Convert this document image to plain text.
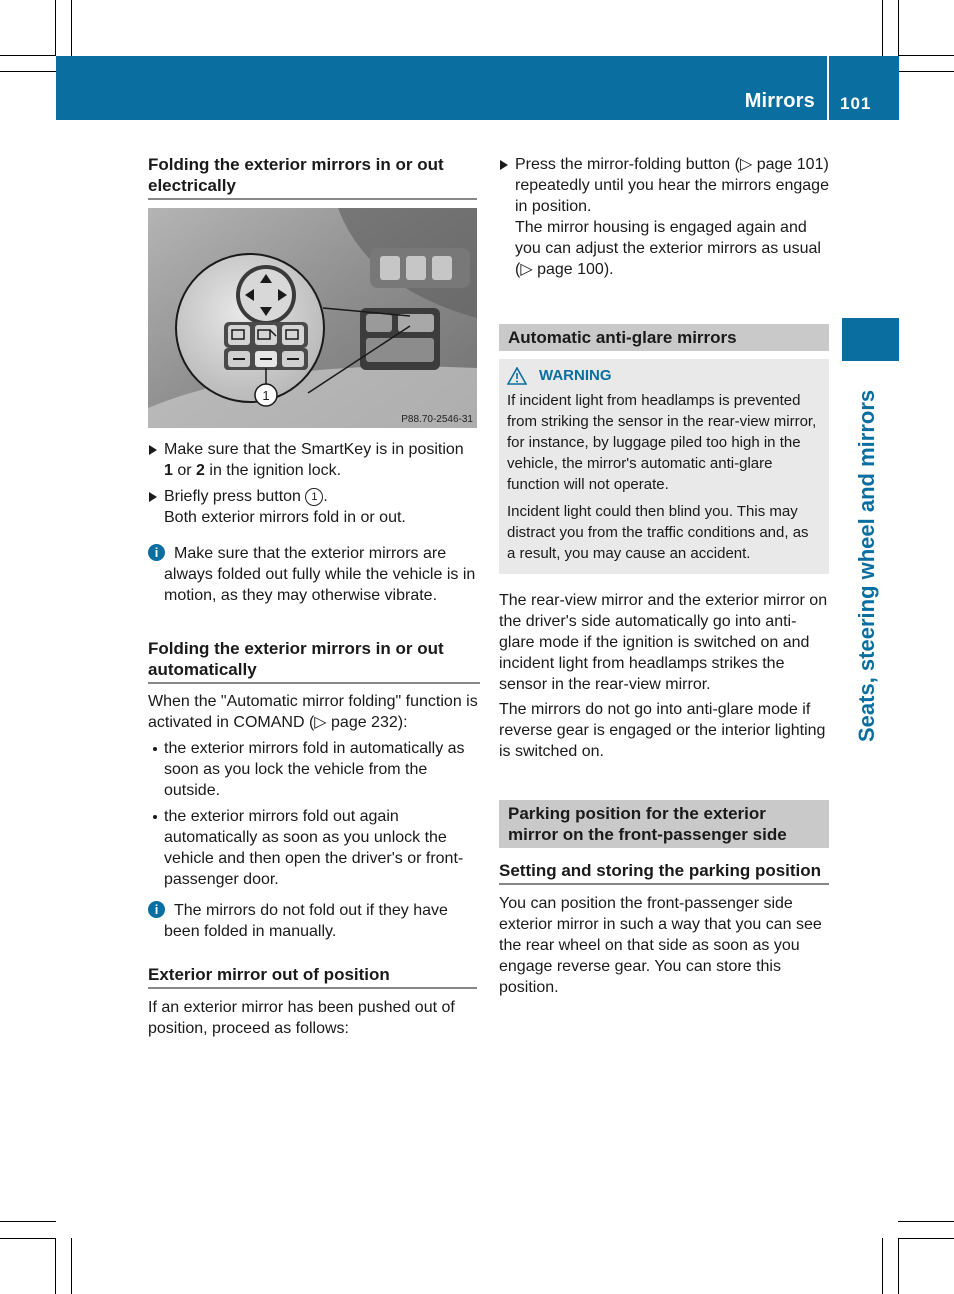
Mirrors 101
Seats, steering wheel and mirrors
Folding the exterior mirrors in or out electrically
1
P88.70-2546-31

Make sure that the SmartKey is in position
1 or 2 in the ignition lock.

Briefly press button 1 .
Both exterior mirrors fold in or out.

i Make sure that the exterior mirrors are always folded out fully while the vehicle is in motion, as they may otherwise vibrate.

Folding the exterior mirrors in or out automatically

When the "Automatic mirror folding" function is activated in COMAND (▷ page 232):

the exterior mirrors fold in automatically as soon as you lock the vehicle from the outside.

the exterior mirrors fold out again automatically as soon as you unlock the vehicle and then open the driver's or front-passenger door.

i The mirrors do not fold out if they have been folded in manually.

Exterior mirror out of position

If an exterior mirror has been pushed out of position, proceed as follows:

Press the mirror-folding button (▷ page 101) repeatedly until you hear the mirrors engage in position.
The mirror housing is engaged again and you can adjust the exterior mirrors as usual (▷ page 100).

Automatic anti-glare mirrors
WARNING

If incident light from headlamps is prevented from striking the sensor in the rear-view mirror, for instance, by luggage piled too high in the vehicle, the mirror's automatic anti-glare function will not operate.

Incident light could then blind you. This may distract you from the traffic conditions and, as a result, you may cause an accident.

The rear-view mirror and the exterior mirror on the driver's side automatically go into anti-glare mode if the ignition is switched on and incident light from headlamps strikes the sensor in the rear-view mirror.

The mirrors do not go into anti-glare mode if reverse gear is engaged or the interior lighting is switched on.

Parking position for the exterior mirror on the front-passenger side
Setting and storing the parking position

You can position the front-passenger side exterior mirror in such a way that you can see the rear wheel on that side as soon as you engage reverse gear. You can store this position.
